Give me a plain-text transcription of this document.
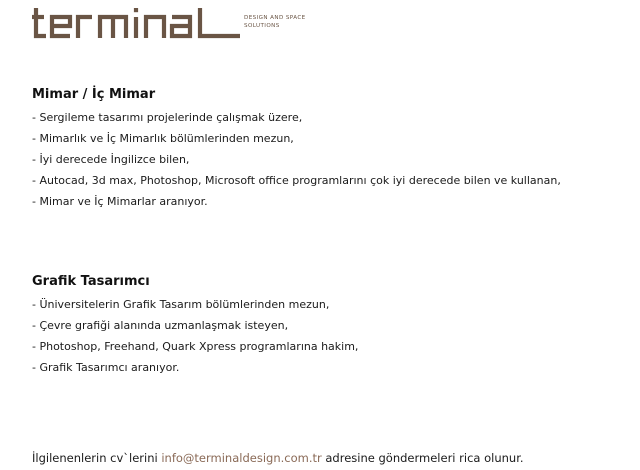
DESIGN AND SPACE
SOLUTIONS
Mimar / İç Mimar
- Sergileme tasarımı projelerinde çalışmak üzere,
- Mimarlık ve İç Mimarlık bölümlerinden mezun,
- İyi derecede İngilizce bilen,
- Autocad, 3d max, Photoshop, Microsoft office programlarını çok iyi derecede bilen ve kullanan,
- Mimar ve İç Mimarlar aranıyor.
Grafik Tasarımcı
- Üniversitelerin Grafik Tasarım bölümlerinden mezun,
- Çevre grafiği alanında uzmanlaşmak isteyen,
- Photoshop, Freehand, Quark Xpress programlarına hakim,
- Grafik Tasarımcı aranıyor.
İlgilenenlerin cv`lerini info@terminaldesign.com.tr adresine göndermeleri rica olunur.
